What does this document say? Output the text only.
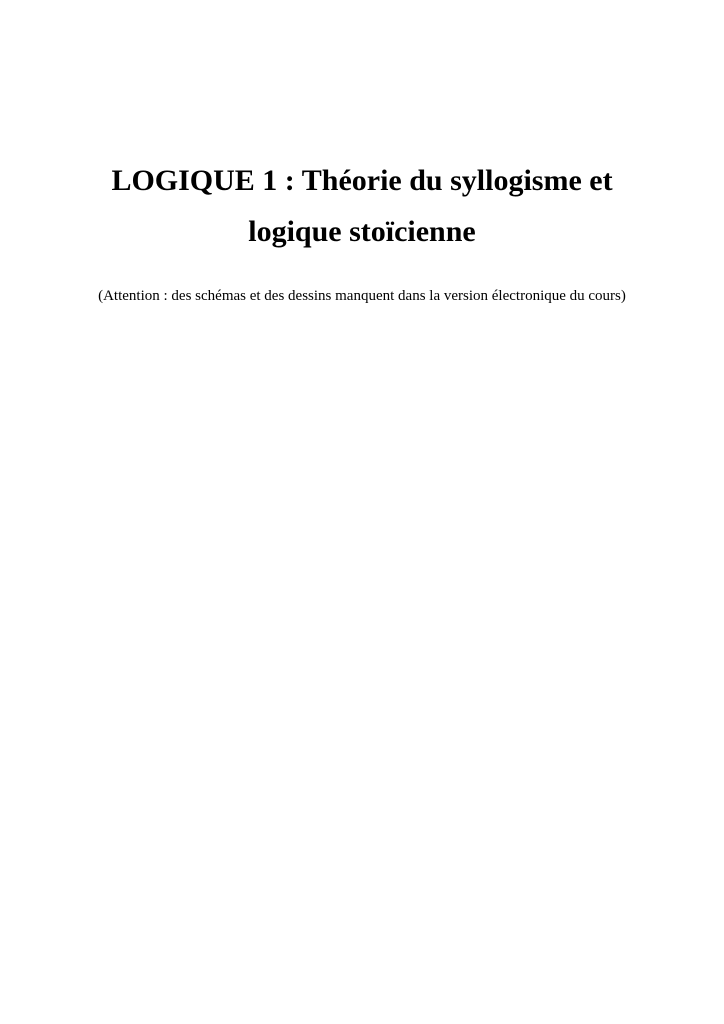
LOGIQUE 1 : Théorie du syllogisme et
logique stoïcienne

(Attention : des schémas et des dessins manquent dans la version électronique du cours)
